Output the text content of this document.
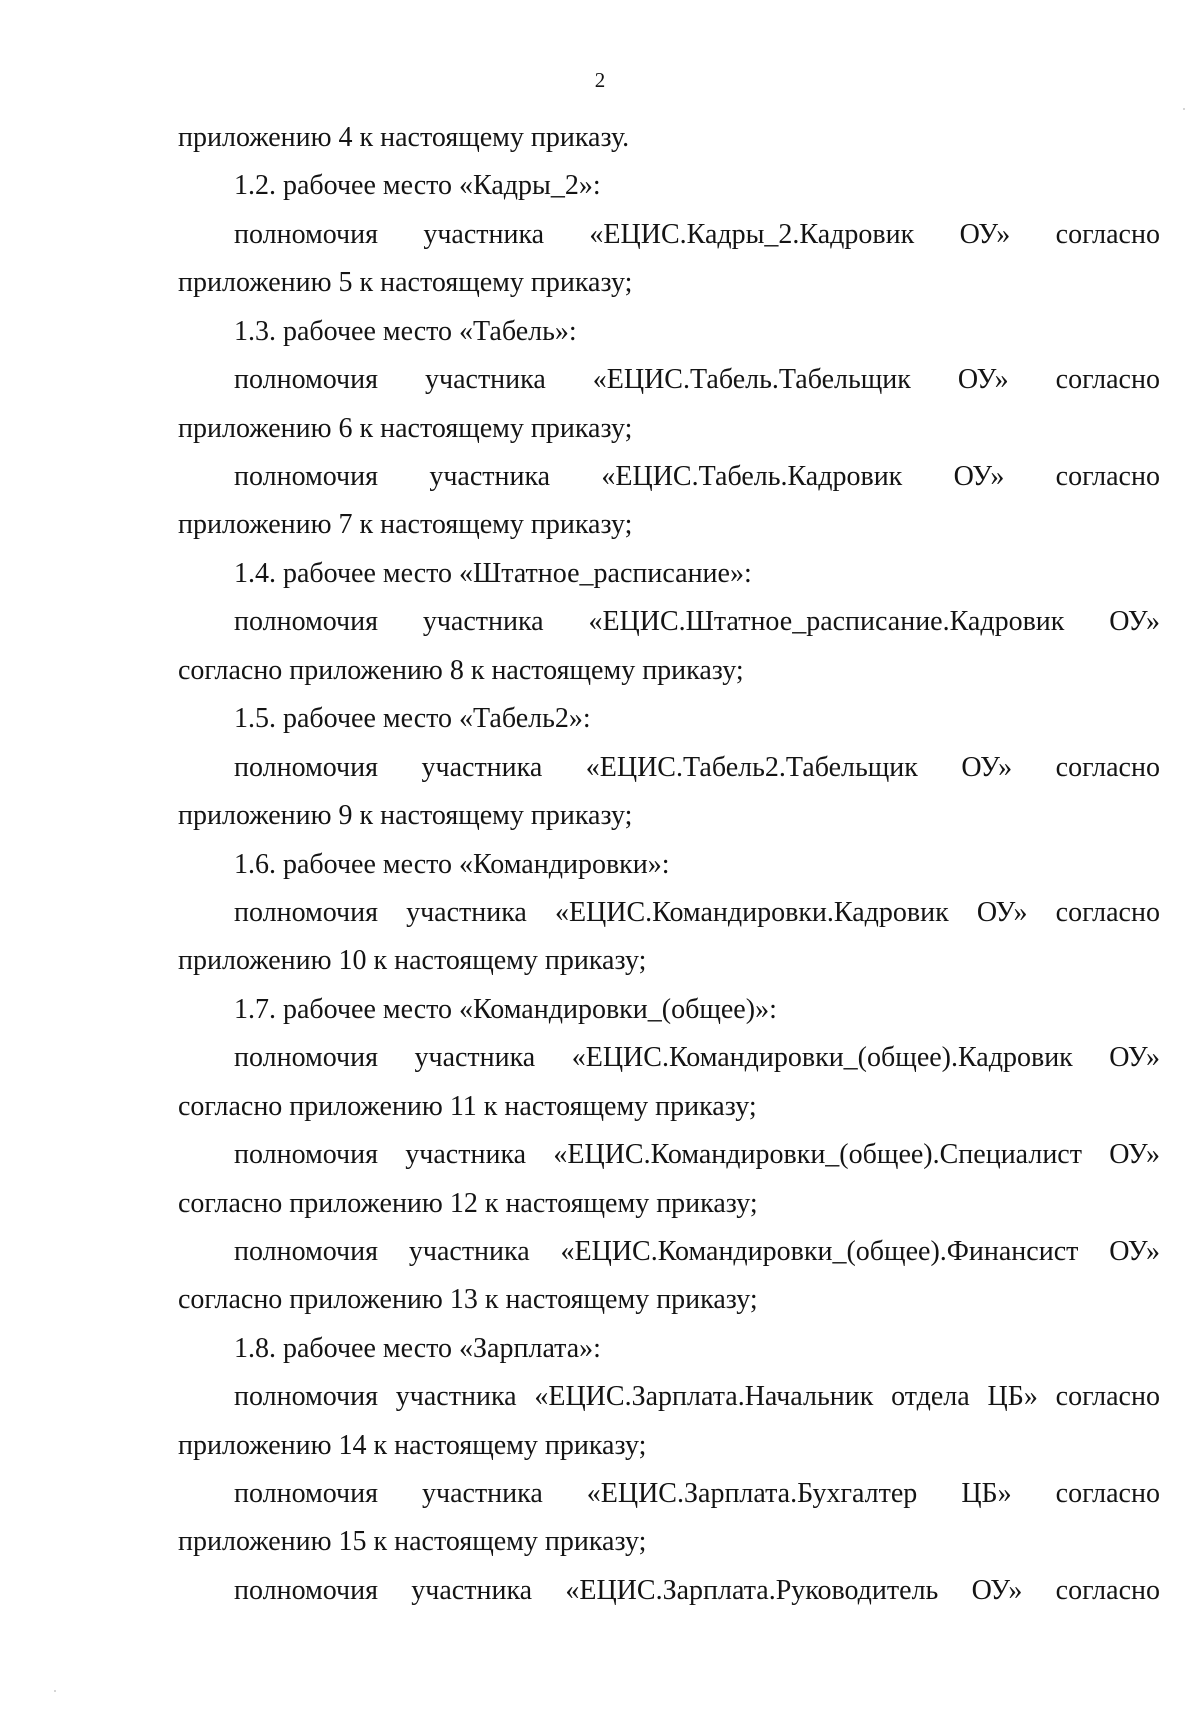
2
приложению 4 к настоящему приказу.
1.2. рабочее место «Кадры_2»:
полномочия участника «ЕЦИС.Кадры_2.Кадровик ОУ» согласно
приложению 5 к настоящему приказу;
1.3. рабочее место «Табель»:
полномочия участника «ЕЦИС.Табель.Табельщик ОУ» согласно
приложению 6 к настоящему приказу;
полномочия участника «ЕЦИС.Табель.Кадровик ОУ» согласно
приложению 7 к настоящему приказу;
1.4. рабочее место «Штатное_расписание»:
полномочия участника «ЕЦИС.Штатное_расписание.Кадровик ОУ»
согласно приложению 8 к настоящему приказу;
1.5. рабочее место «Табель2»:
полномочия участника «ЕЦИС.Табель2.Табельщик ОУ» согласно
приложению 9 к настоящему приказу;
1.6. рабочее место «Командировки»:
полномочия участника «ЕЦИС.Командировки.Кадровик ОУ» согласно
приложению 10 к настоящему приказу;
1.7. рабочее место «Командировки_(общее)»:
полномочия участника «ЕЦИС.Командировки_(общее).Кадровик ОУ»
согласно приложению 11 к настоящему приказу;
полномочия участника «ЕЦИС.Командировки_(общее).Специалист ОУ»
согласно приложению 12 к настоящему приказу;
полномочия участника «ЕЦИС.Командировки_(общее).Финансист ОУ»
согласно приложению 13 к настоящему приказу;
1.8. рабочее место «Зарплата»:
полномочия участника «ЕЦИС.Зарплата.Начальник отдела ЦБ» согласно
приложению 14 к настоящему приказу;
полномочия участника «ЕЦИС.Зарплата.Бухгалтер ЦБ» согласно
приложению 15 к настоящему приказу;
полномочия участника «ЕЦИС.Зарплата.Руководитель ОУ» согласно
